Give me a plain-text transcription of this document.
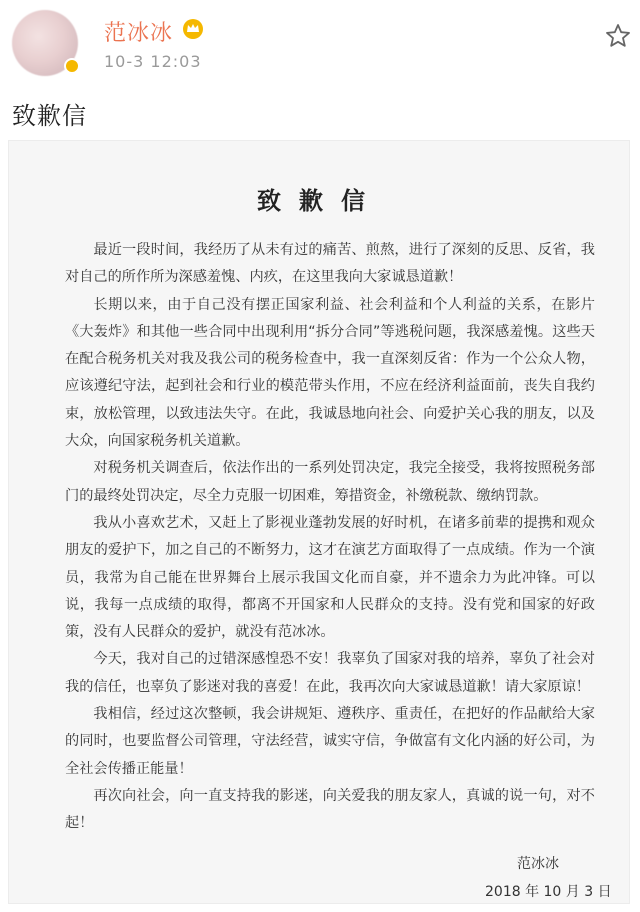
范冰冰
10-3 12:03
致歉信
致歉信

最近一段时间，我经历了从未有过的痛苦、煎熬，进行了深刻的反思、反省，我对自己的所作所为深感羞愧、内疚，在这里我向大家诚恳道歉！

长期以来，由于自己没有摆正国家利益、社会利益和个人利益的关系，在影片《大轰炸》和其他一些合同中出现利用“拆分合同”等逃税问题，我深感羞愧。这些天在配合税务机关对我及我公司的税务检查中，我一直深刻反省：作为一个公众人物，应该遵纪守法，起到社会和行业的模范带头作用，不应在经济利益面前，丧失自我约束，放松管理，以致违法失守。在此，我诚恳地向社会、向爱护关心我的朋友，以及大众，向国家税务机关道歉。

对税务机关调查后，依法作出的一系列处罚决定，我完全接受，我将按照税务部门的最终处罚决定，尽全力克服一切困难，筹措资金，补缴税款、缴纳罚款。

我从小喜欢艺术，又赶上了影视业蓬勃发展的好时机，在诸多前辈的提携和观众朋友的爱护下，加之自己的不断努力，这才在演艺方面取得了一点成绩。作为一个演员，我常为自己能在世界舞台上展示我国文化而自豪，并不遗余力为此冲锋。可以说，我每一点成绩的取得，都离不开国家和人民群众的支持。没有党和国家的好政策，没有人民群众的爱护，就没有范冰冰。

今天，我对自己的过错深感惶恐不安！我辜负了国家对我的培养，辜负了社会对我的信任，也辜负了影迷对我的喜爱！在此，我再次向大家诚恳道歉！请大家原谅！

我相信，经过这次整顿，我会讲规矩、遵秩序、重责任，在把好的作品献给大家的同时，也要监督公司管理，守法经营，诚实守信，争做富有文化内涵的好公司，为全社会传播正能量！

再次向社会，向一直支持我的影迷，向关爱我的朋友家人，真诚的说一句，对不起！

范冰冰
2018 年 10 月 3 日
